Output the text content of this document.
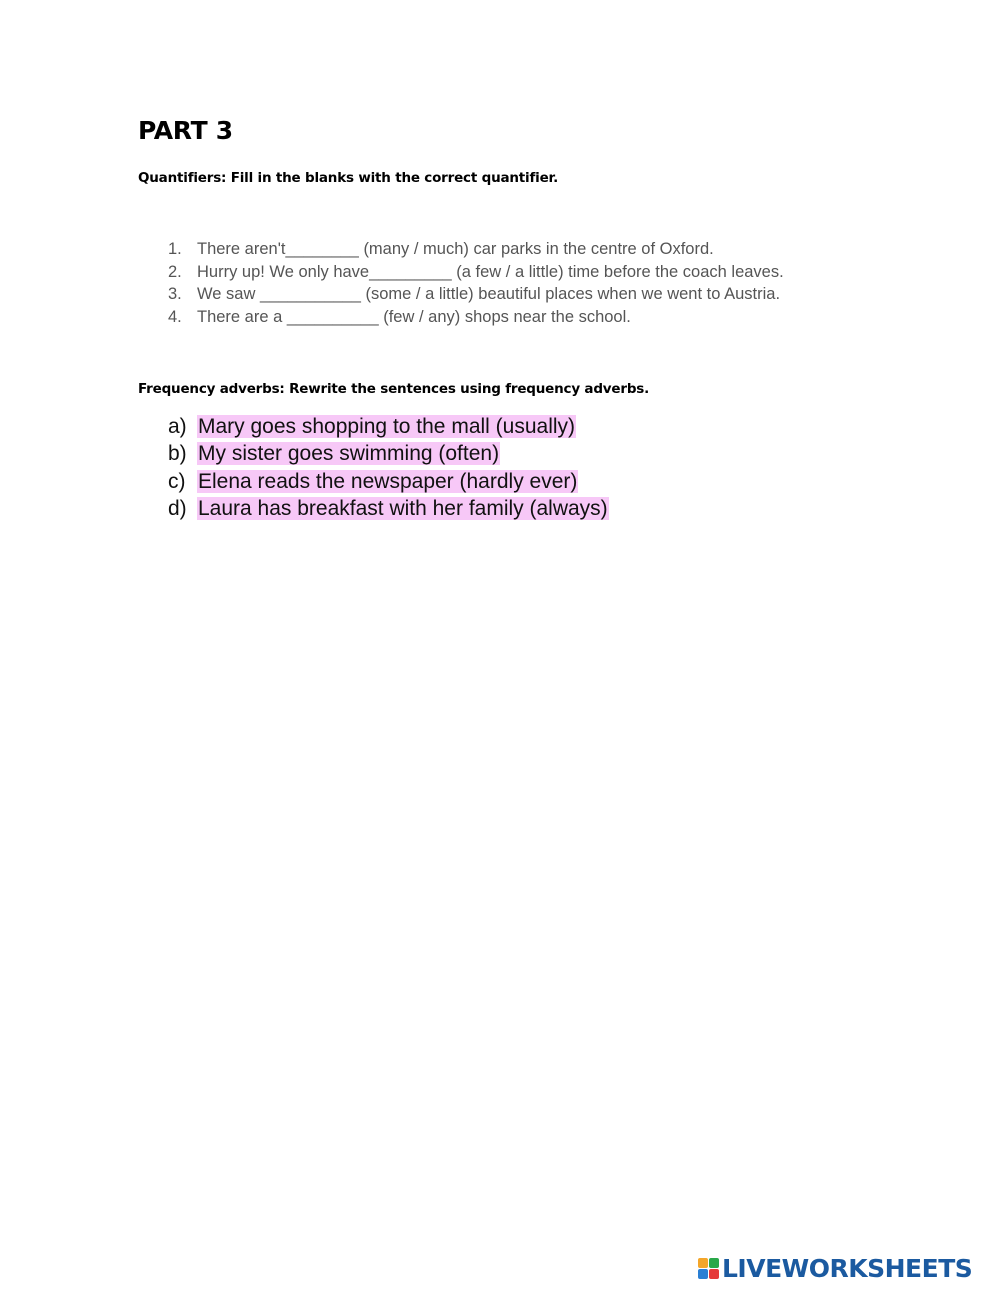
PART 3

Quantifiers: Fill in the blanks with the correct quantifier.

1. There aren't________ (many / much) car parks in the centre of Oxford.
2. Hurry up! We only have_________ (a few / a little) time before the coach leaves.
3. We saw ___________ (some / a little) beautiful places when we went to Austria.
4. There are a __________ (few / any) shops near the school.

Frequency adverbs: Rewrite the sentences using frequency adverbs.

a) Mary goes shopping to the mall (usually)
b) My sister goes swimming (often)
c) Elena reads the newspaper (hardly ever)
d) Laura has breakfast with her family (always)
LIVEWORKSHEETS
